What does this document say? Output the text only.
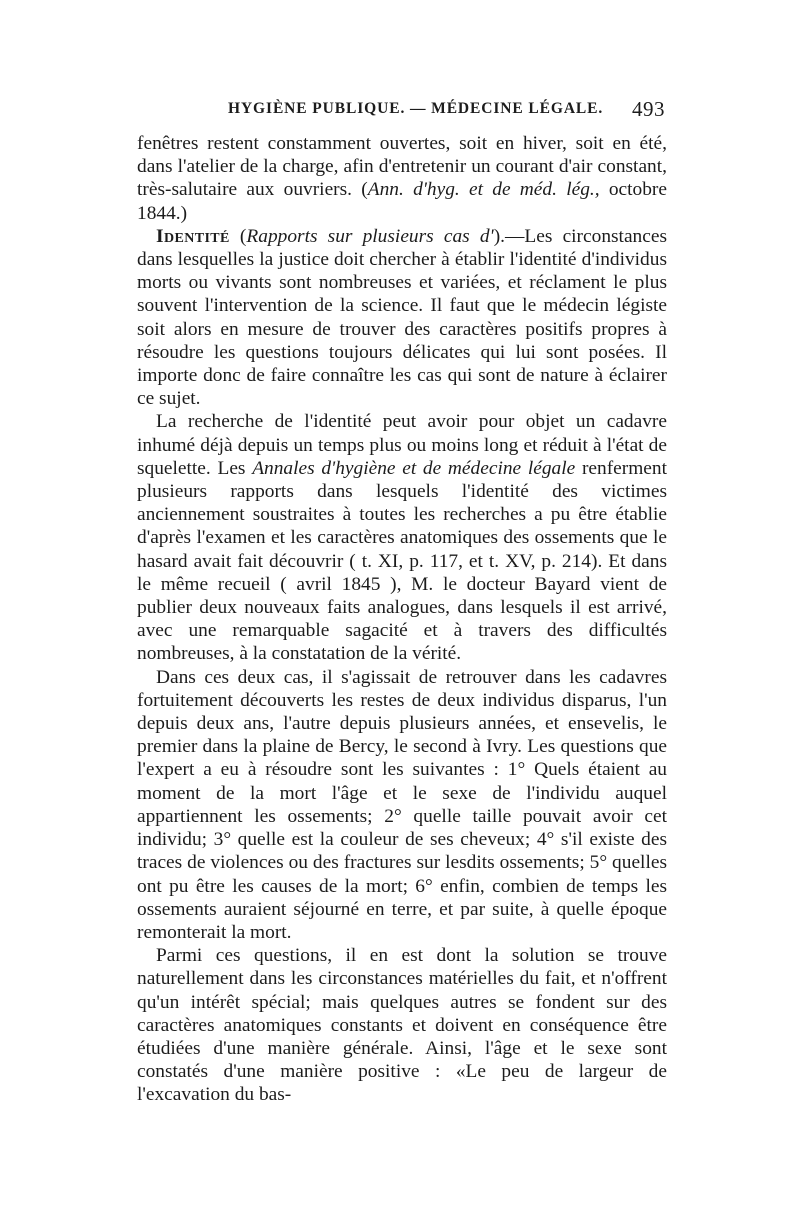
HYGIÈNE PUBLIQUE. — MÉDECINE LÉGALE. 493

fenêtres restent constamment ouvertes, soit en hiver, soit en été, dans l'atelier de la charge, afin d'entretenir un courant d'air constant, très-salutaire aux ouvriers. (Ann. d'hyg. et de méd. lég., octobre 1844.)

Identité (Rapports sur plusieurs cas d').—Les circonstances dans lesquelles la justice doit chercher à établir l'identité d'individus morts ou vivants sont nombreuses et variées, et réclament le plus souvent l'intervention de la science. Il faut que le médecin légiste soit alors en mesure de trouver des caractères positifs propres à résoudre les questions toujours délicates qui lui sont posées. Il importe donc de faire connaître les cas qui sont de nature à éclairer ce sujet.

La recherche de l'identité peut avoir pour objet un cadavre inhumé déjà depuis un temps plus ou moins long et réduit à l'état de squelette. Les Annales d'hygiène et de médecine légale renferment plusieurs rapports dans lesquels l'identité des victimes anciennement soustraites à toutes les recherches a pu être établie d'après l'examen et les caractères anatomiques des ossements que le hasard avait fait découvrir ( t. XI, p. 117, et t. XV, p. 214). Et dans le même recueil ( avril 1845 ), M. le docteur Bayard vient de publier deux nouveaux faits analogues, dans lesquels il est arrivé, avec une remarquable sagacité et à travers des difficultés nombreuses, à la constatation de la vérité.

Dans ces deux cas, il s'agissait de retrouver dans les cadavres fortuitement découverts les restes de deux individus disparus, l'un depuis deux ans, l'autre depuis plusieurs années, et ensevelis, le premier dans la plaine de Bercy, le second à Ivry. Les questions que l'expert a eu à résoudre sont les suivantes : 1° Quels étaient au moment de la mort l'âge et le sexe de l'individu auquel appartiennent les ossements; 2° quelle taille pouvait avoir cet individu; 3° quelle est la couleur de ses cheveux; 4° s'il existe des traces de violences ou des fractures sur lesdits ossements; 5° quelles ont pu être les causes de la mort; 6° enfin, combien de temps les ossements auraient séjourné en terre, et par suite, à quelle époque remonterait la mort.

Parmi ces questions, il en est dont la solution se trouve naturellement dans les circonstances matérielles du fait, et n'offrent qu'un intérêt spécial; mais quelques autres se fondent sur des caractères anatomiques constants et doivent en conséquence être étudiées d'une manière générale. Ainsi, l'âge et le sexe sont constatés d'une manière positive : «Le peu de largeur de l'excavation du bas-
